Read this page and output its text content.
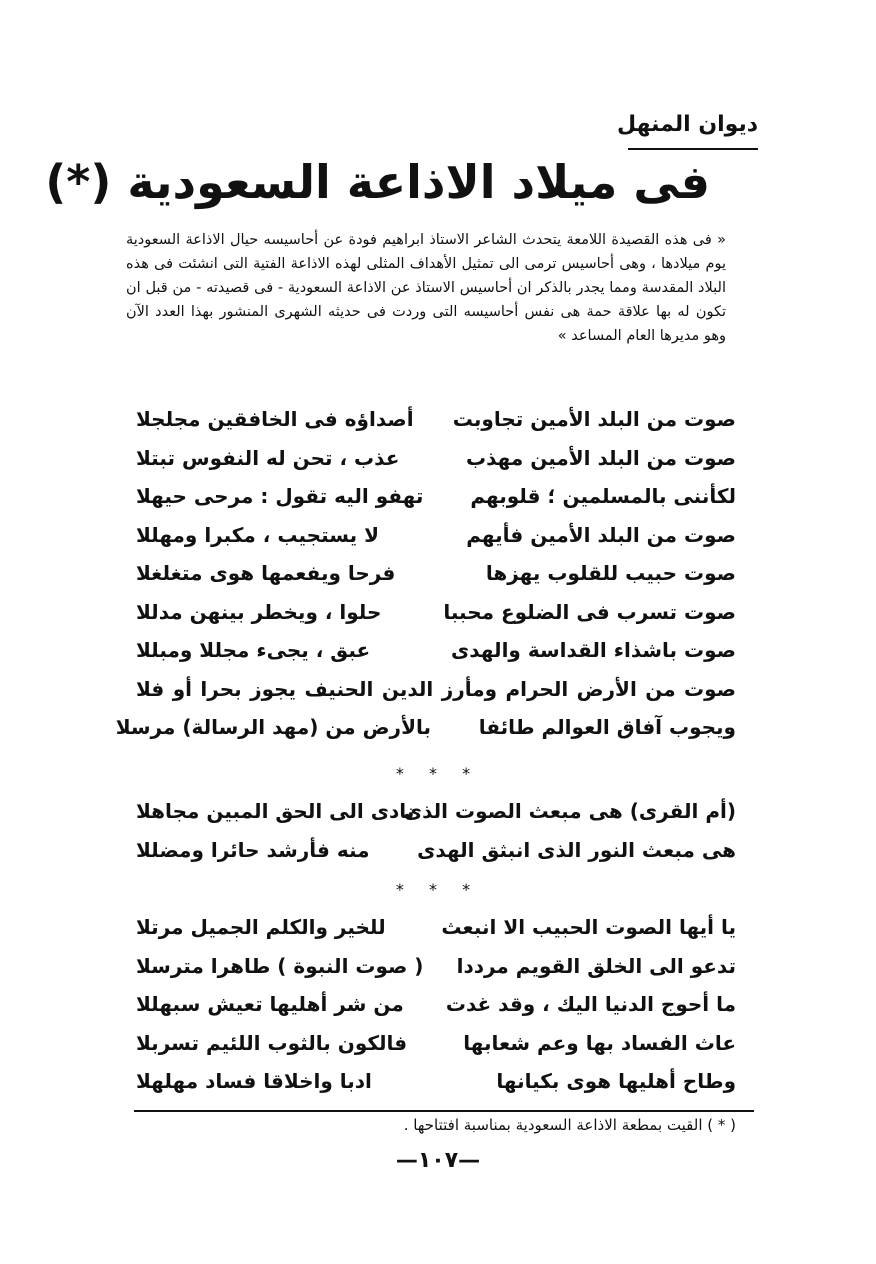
ديوان المنهل
فى ميلاد الاذاعة السعودية (*)
« فى هذه القصيدة اللامعة يتحدث الشاعر الاستاذ ابراهيم فودة عن أحاسيسه حيال الاذاعة السعودية يوم ميلادها ، وهى أحاسيس ترمى الى تمثيل الأهداف المثلى لهذه الاذاعة الفتية التى انشئت فى هذه البلاد المقدسة ومما يجدر بالذكر ان أحاسيس الاستاذ عن الاذاعة السعودية - فى قصيدته - من قبل ان تكون له بها علاقة حمة هى نفس أحاسيسه التى وردت فى حديثه الشهرى المنشور بهذا العدد الآن وهو مديرها العام المساعد »
صوت من البلد الأمين تجاوبت
أصداؤه فى الخافقين مجلجلا
صوت من البلد الأمين مهذب
عذب ، تحن له النفوس تبتلا
لكأننى بالمسلمين ؛ قلوبهم
تهفو اليه تقول : مرحى حيهلا
صوت من البلد الأمين فأيهم
لا يستجيب ، مكبرا ومهللا
صوت حبيب للقلوب يهزها
فرحا ويفعمها هوى متغلغلا
صوت تسرب فى الضلوع محببا
حلوا ، ويخطر بينهن مدللا
صوت باشذاء القداسة والهدى
عبق ، يجىء مجللا ومبللا
صوت من الأرض الحرام ومأرز الدين الحنيف يجوز بحرا أو فلا
ويجوب آفاق العوالم طائفا
بالأرض من (مهد الرسالة) مرسلا
* * *
(أم القرى) هى مبعث الصوت الذى
نادى الى الحق المبين مجاهلا
هى مبعث النور الذى انبثق الهدى
منه فأرشد حائرا ومضللا
* * *
يا أيها الصوت الحبيب الا انبعث
للخير والكلم الجميل مرتلا
تدعو الى الخلق القويم مرددا
( صوت النبوة ) طاهرا مترسلا
ما أحوج الدنيا اليك ، وقد غدت
من شر أهليها تعيش سبهللا
عاث الفساد بها وعم شعابها
فالكون بالثوب اللئيم تسربلا
وطاح أهليها هوى بكيانها
ادبا واخلاقا فساد مهلهلا
( * ) القيت بمطعة الاذاعة السعودية بمناسبة افتتاحها .
—١٠٧—
